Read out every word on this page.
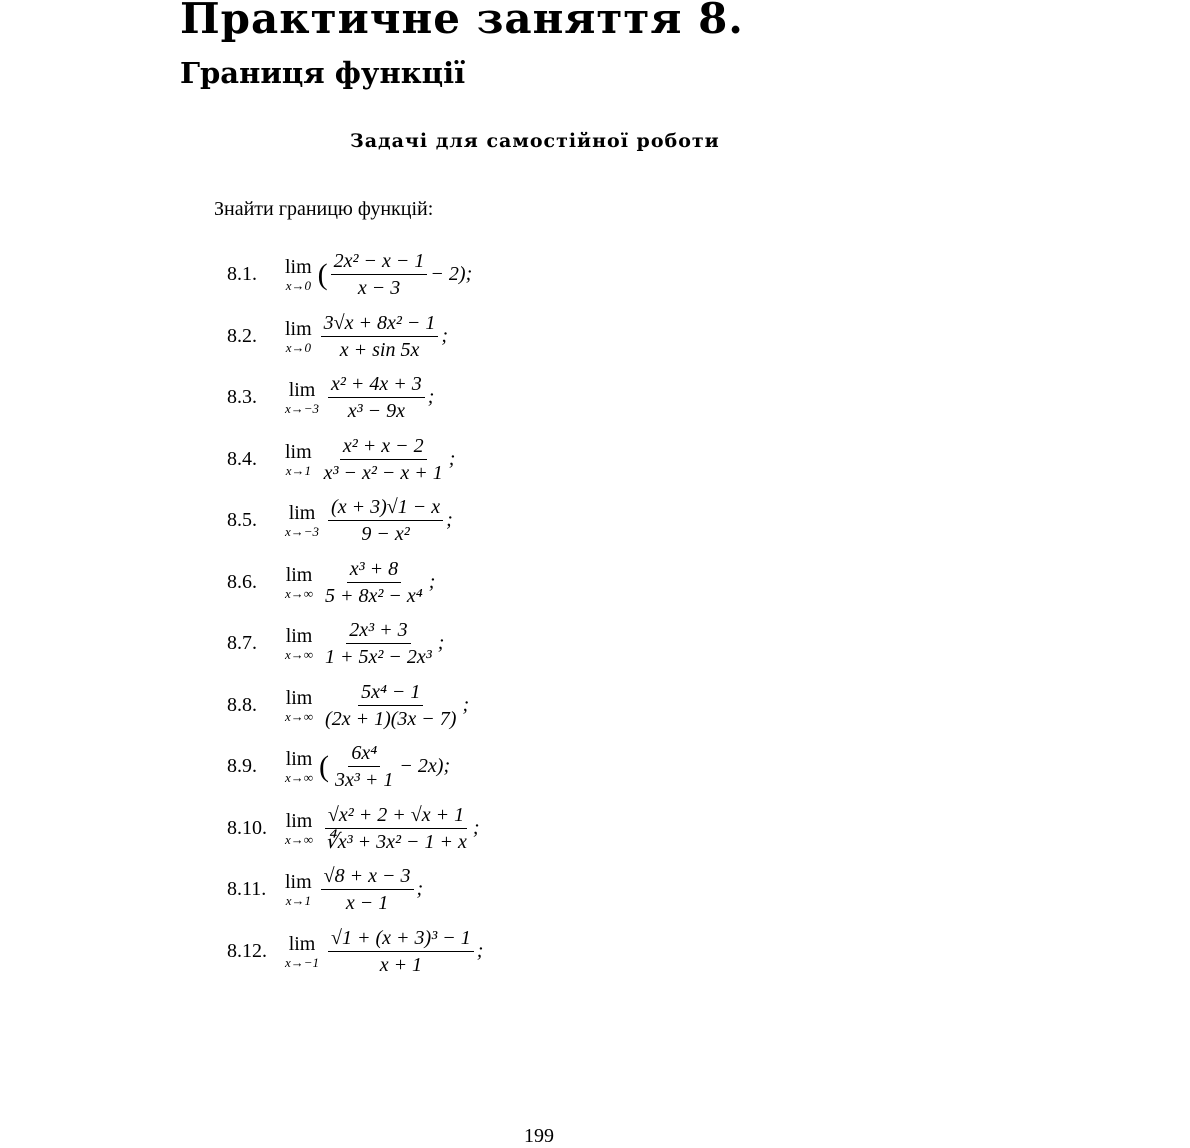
Практичне заняття 8.
Границя функції
Задачі для самостійної роботи
Знайти границю функцій:
8.1.	lim
x→0 ( $\frac{\text{2x² − x − 1}}{x - 3} - 2$);
8.2.	lim
$x\to 0 \frac{\text{3√x + 8x² − 1}}{x + \sin 5x}$ ;
8.3.	lim
$x\to-3 \frac{\text{x² + 4x + 3}}{\text{x³ − 9x}}$ ;
8.4.	lim
$x\to 1 \frac{\text{x² + x − 2}}{\text{x³ − x² − x + 1}}$ ;
8.5.	lim
$x\to-3 \frac{(x + 3)√1 - x}{\text{9 − x²}}$ ;
8.6.	lim
$x\to\infty \frac{\text{x³ + 8}}{\text{5 + 8x² − x⁴}}$ ;
8.7.	lim
$x\to\infty \frac{\text{2x³ + 3}}{\text{1 + 5x² − 2x³}}$ ;
8.8.	lim
$x\to\infty \frac{\text{5x⁴ − 1}}{(2x + 1)(3x - 7)}$ ;
8.9.	lim
x→∞ ( $\frac{\text{6x⁴}}{\text{3x³ + 1}} - 2x$);
8.10. lim
$x\to\infty \frac{\text{√x² + 2 + √x + 1}}{\text{∜x³ + 3x² − 1 + x}}$ ;
8.11. lim
$x\to 1 \frac{√8 + x - 3}{x - 1}$ ;
8.12.	lim
$x\to-1 \frac{\text{√1 + (x + 3)³ − 1}}{x + 1}$ ;
199
